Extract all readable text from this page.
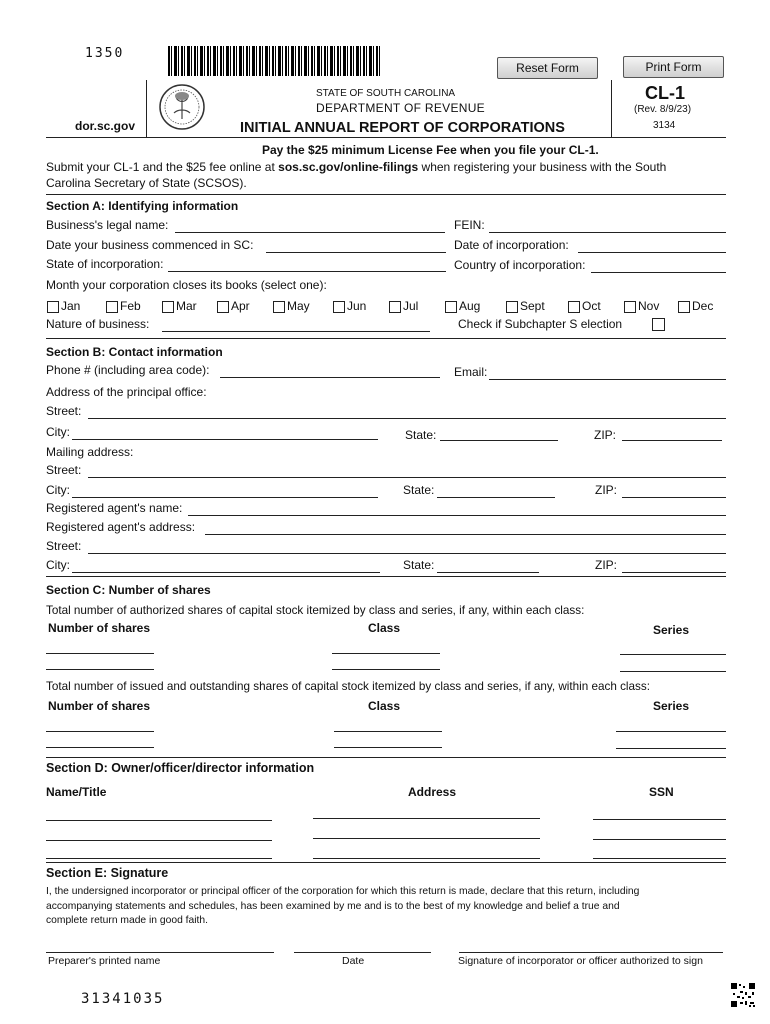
1350
Reset Form	Print Form
dor.sc.gov
STATE OF SOUTH CAROLINA
DEPARTMENT OF REVENUE
INITIAL ANNUAL REPORT OF CORPORATIONS
CL-1
(Rev. 8/9/23)
3134
Pay the $25 minimum License Fee when you file your CL-1.
Submit your CL-1 and the $25 fee online at sos.sc.gov/online-filings when registering your business with the South
Carolina Secretary of State (SCSOS).
Section A: Identifying information
Business's legal name:	FEIN:
Date your business commenced in SC:	Date of incorporation:
State of incorporation:	Country of incorporation:
Month your corporation closes its books (select one):
Jan	Feb	Mar	Apr	May	Jun	Jul	Aug	Sept	Oct	Nov	Dec
Nature of business:	Check if Subchapter S election
Section B: Contact information
Phone # (including area code):	Email:
Address of the principal office:
Street:
City:	State:	ZIP:
Mailing address:
Street:
City:	State:	ZIP:
Registered agent's name:
Registered agent's address:
Street:
City:	State:	ZIP:
Section C: Number of shares
Total number of authorized shares of capital stock itemized by class and series, if any, within each class:
Number of shares	Class	Series
Total number of issued and outstanding shares of capital stock itemized by class and series, if any, within each class:
Number of shares	Class	Series
Section D: Owner/officer/director information
Name/Title	Address	SSN
Section E: Signature
I, the undersigned incorporator or principal officer of the corporation for which this return is made, declare that this return, including
accompanying statements and schedules, has been examined by me and is to the best of my knowledge and belief a true and
complete return made in good faith.
Preparer's printed name	Date	Signature of incorporator or officer authorized to sign
31341035
